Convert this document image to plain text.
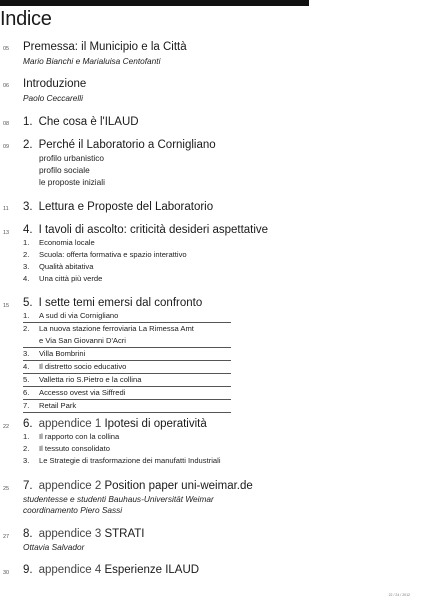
Indice
05 Premessa: il Municipio e la Città
Mario Bianchi e Marialuisa Centofanti
06 Introduzione
Paolo Ceccarelli
08 1. Che cosa è l'ILAUD
09 2. Perché il Laboratorio a Cornigliano
profilo urbanistico
profilo sociale
le proposte iniziali
11 3. Lettura e Proposte del Laboratorio
13 4. I tavoli di ascolto: criticità desideri aspettative
1. Economia locale
2. Scuola: offerta formativa e spazio interattivo
3. Qualità abitativa
4. Una città più verde
15 5. I sette temi emersi dal confronto
1. A sud di via Cornigliano
2. La nuova stazione ferroviaria La Rimessa Amt
e Via San Giovanni D'Acri
3. Villa Bombrini
4. Il distretto socio educativo
5. Valletta rio S.Pietro e la collina
6. Accesso ovest via Siffredi
7. Retail Park
22 6. appendice 1 Ipotesi di operatività
1. Il rapporto con la collina
2. Il tessuto consolidato
3. Le Strategie di trasformazione dei manufatti Industriali
25 7. appendice 2 Position paper uni-weimar.de
studentesse e studenti Bauhaus-Universität Weimar
coordinamento Piero Sassi
27 8. appendice 3 STRATI
Ottavia Salvador
30 9. appendice 4 Esperienze ILAUD
22 / 24 / 2012
